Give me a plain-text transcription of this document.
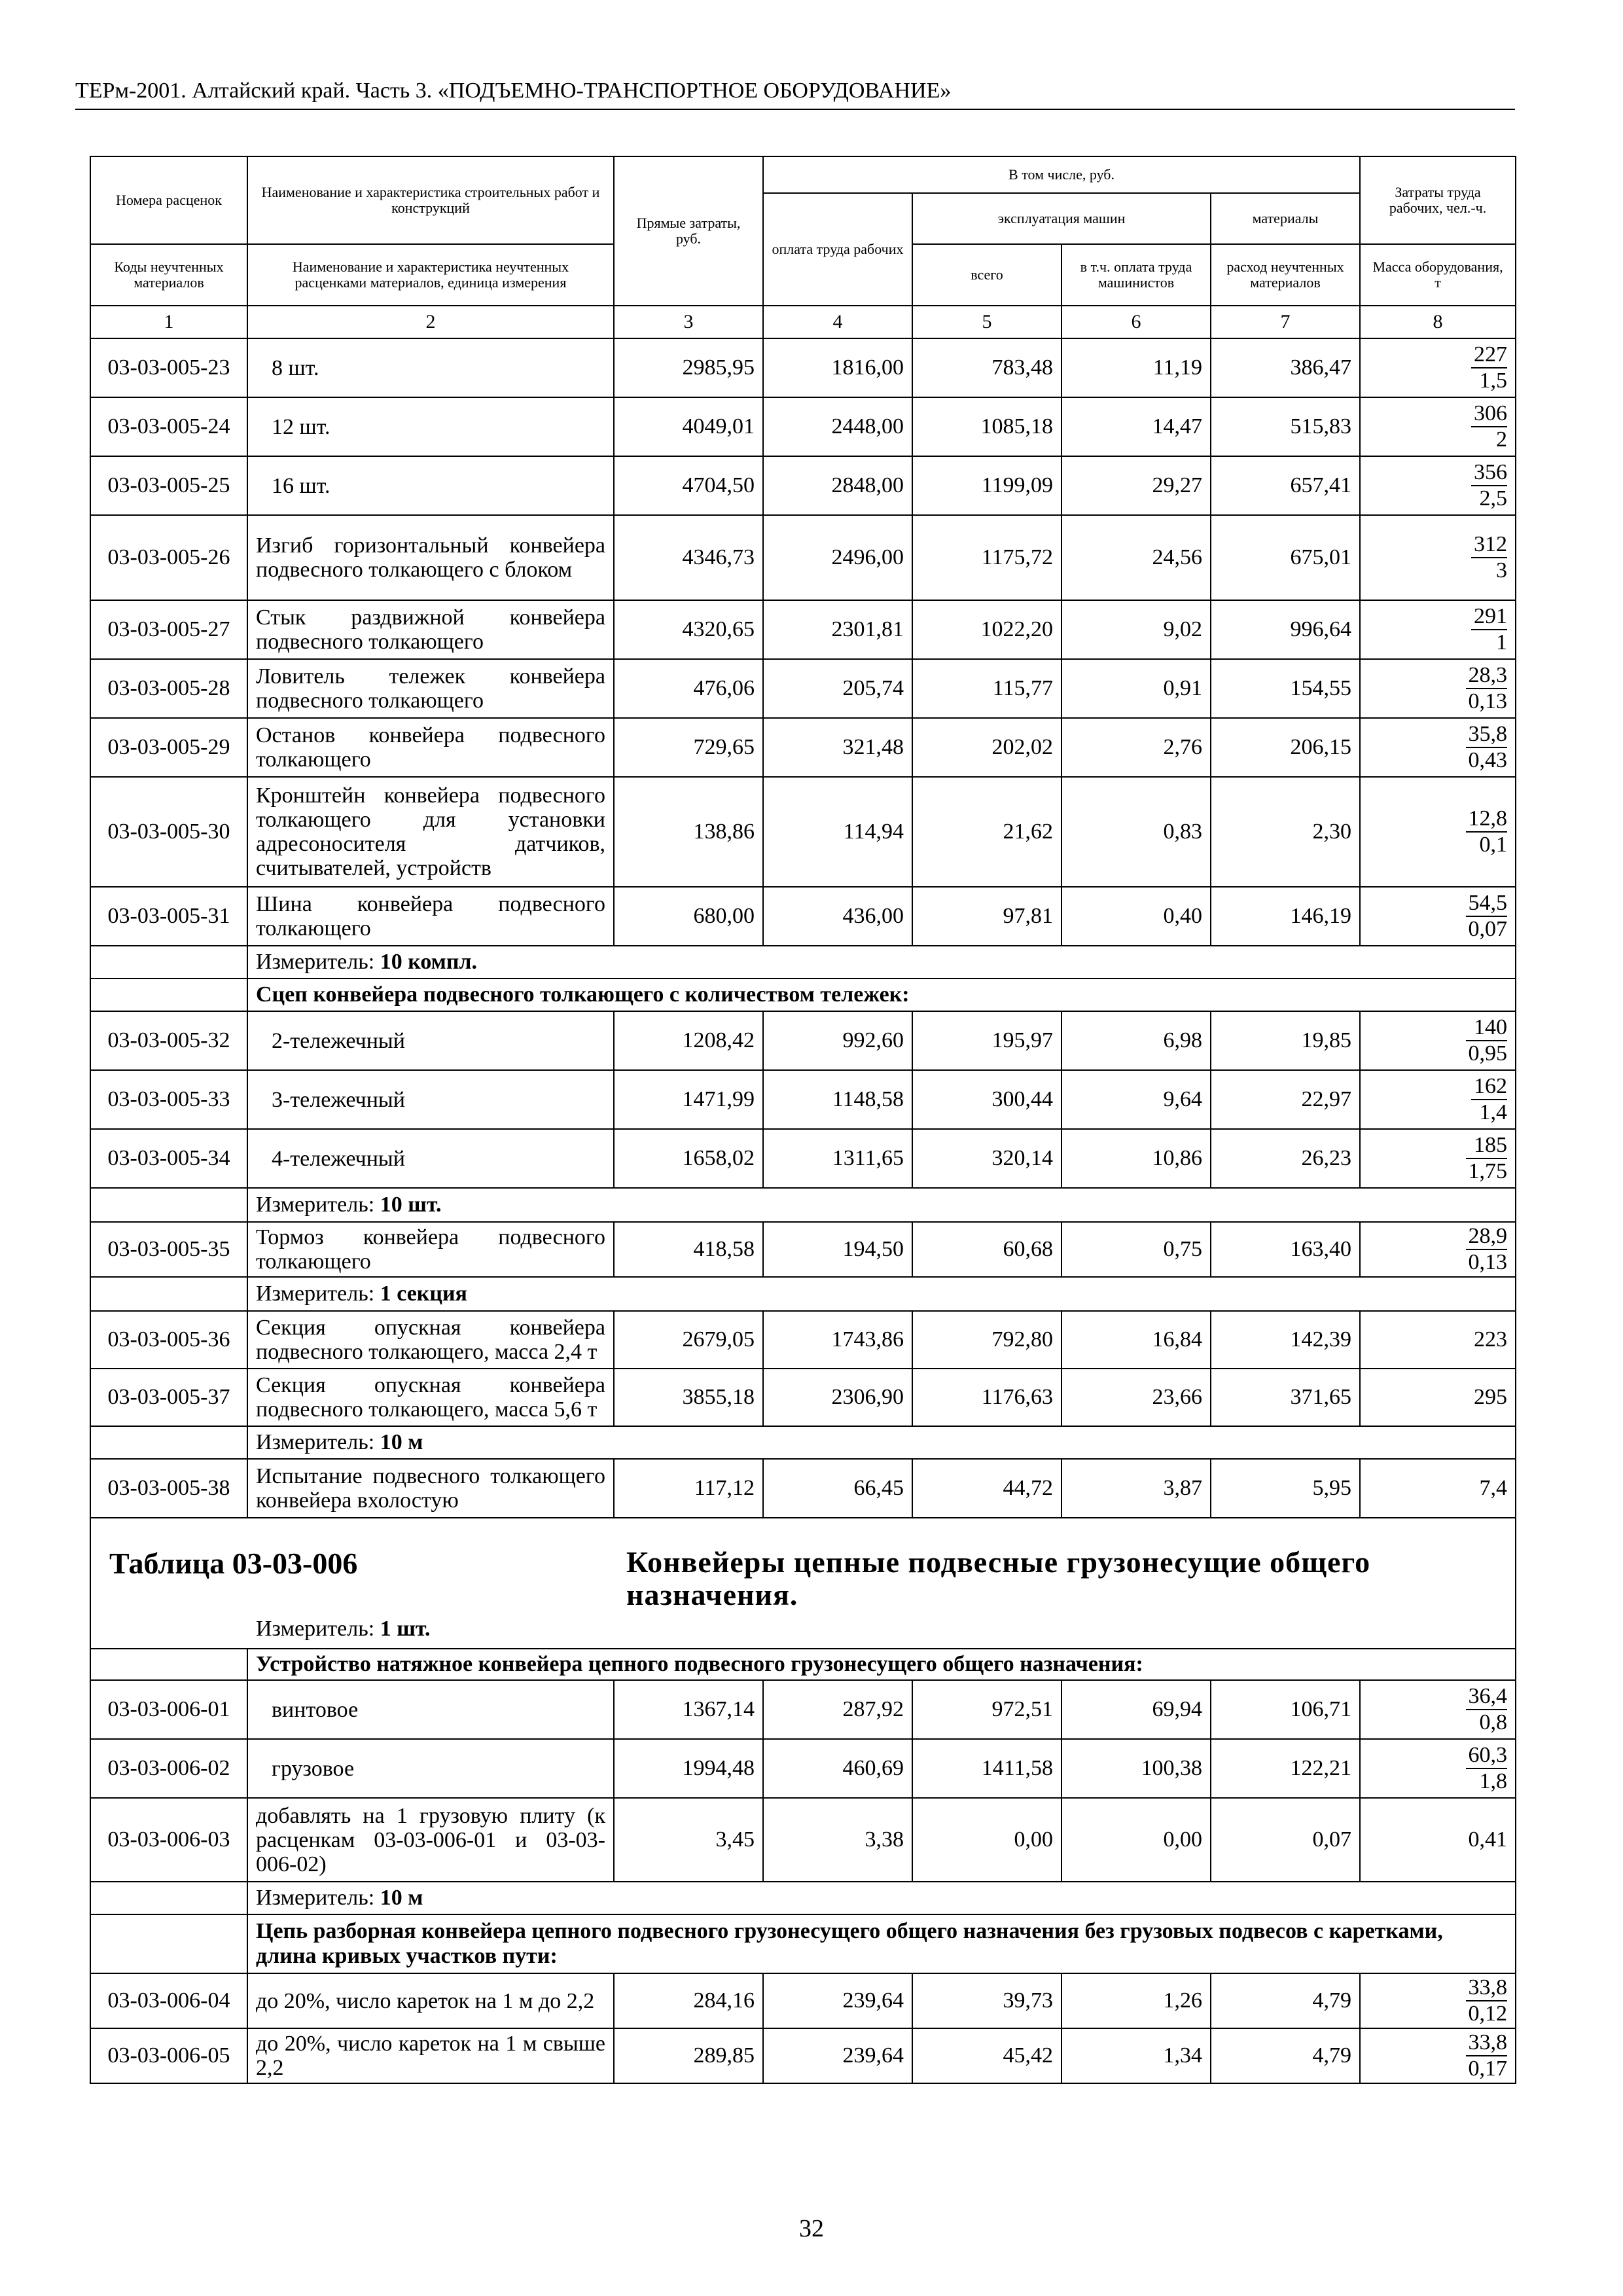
ТЕРм-2001. Алтайский край. Часть 3. «ПОДЪЕМНО-ТРАНСПОРТНОЕ ОБОРУДОВАНИЕ»
Номера расценок	Наименование и характеристика строительных работ и конструкций	Прямые затраты, руб.	В том числе, руб.				Затраты труда рабочих, чел.-ч.
			оплата труда рабочих	эксплуатация машин		материалы	
Коды неучтенных материалов	Наименование и характеристика неучтенных расценками материалов, единица измерения			всего	в т.ч. оплата труда машинистов	расход неучтенных материалов	Масса оборудования, т
1	2	3	4	5	6	7	8
03-03-005-23	8 шт.	2985,95	1816,00	783,48	11,19	386,47	$\frac{227}{1,5}$

03-03-005-24	12 шт.	4049,01	2448,00	1085,18	14,47	515,83	$\frac{306}{2}$

03-03-005-25	16 шт.	4704,50	2848,00	1199,09	29,27	657,41	$\frac{356}{2,5}$

03-03-005-26	Изгиб горизонтальный конвейера подвесного толкающего с блоком	4346,73	2496,00	1175,72	24,56	675,01	$\frac{312}{3}$

03-03-005-27	Стык раздвижной конвейера подвесного толкающего	4320,65	2301,81	1022,20	9,02	996,64	$\frac{291}{1}$

03-03-005-28	Ловитель тележек конвейера подвесного толкающего	476,06	205,74	115,77	0,91	154,55	$\frac{28,3}{0,13}$

03-03-005-29	Останов конвейера подвесного толкающего	729,65	321,48	202,02	2,76	206,15	$\frac{35,8}{0,43}$

03-03-005-30	Кронштейн конвейера подвесного толкающего для установки адресоносителя датчиков, считывателей, устройств	138,86	114,94	21,62	0,83	2,30	$\frac{12,8}{0,1}$

03-03-005-31	Шина конвейера подвесного толкающего	680,00	436,00	97,81	0,40	146,19	$\frac{54,5}{0,07}$

	Измеритель: 10 компл.						
	Сцеп конвейера подвесного толкающего с количеством тележек:						
03-03-005-32	2-тележечный	1208,42	992,60	195,97	6,98	19,85	$\frac{140}{0,95}$

03-03-005-33	3-тележечный	1471,99	1148,58	300,44	9,64	22,97	$\frac{162}{1,4}$

03-03-005-34	4-тележечный	1658,02	1311,65	320,14	10,86	26,23	$\frac{185}{1,75}$

	Измеритель: 10 шт.						
03-03-005-35	Тормоз конвейера подвесного толкающего	418,58	194,50	60,68	0,75	163,40	$\frac{28,9}{0,13}$

	Измеритель: 1 секция						
03-03-005-36	Секция опускная конвейера подвесного толкающего, масса 2,4 т	2679,05	1743,86	792,80	16,84	142,39	223
03-03-005-37	Секция опускная конвейера подвесного толкающего, масса 5,6 т	3855,18	2306,90	1176,63	23,66	371,65	295
	Измеритель: 10 м						
03-03-005-38	Испытание подвесного толкающего конвейера вхолостую	117,12	66,45	44,72	3,87	5,95	7,4

Таблица 03-03-006 Конвейеры цепные подвесные грузонесущие общего назначения.
Измеритель: 1 шт.							

	Устройство натяжное конвейера цепного подвесного грузонесущего общего назначения:						
03-03-006-01	винтовое	1367,14	287,92	972,51	69,94	106,71	$\frac{36,4}{0,8}$

03-03-006-02	грузовое	1994,48	460,69	1411,58	100,38	122,21	$\frac{60,3}{1,8}$

03-03-006-03	добавлять на 1 грузовую плиту (к расценкам 03-03-006-01 и 03-03-006-02)	3,45	3,38	0,00	0,00	0,07	0,41
	Измеритель: 10 м						
	Цепь разборная конвейера цепного подвесного грузонесущего общего назначения без грузовых подвесов с каретками, длина кривых участков пути:						
03-03-006-04	до 20%, число кареток на 1 м до 2,2	284,16	239,64	39,73	1,26	4,79	$\frac{33,8}{0,12}$

03-03-006-05	до 20%, число кареток на 1 м свыше 2,2	289,85	239,64	45,42	1,34	4,79	$\frac{33,8}{0,17}$
32
